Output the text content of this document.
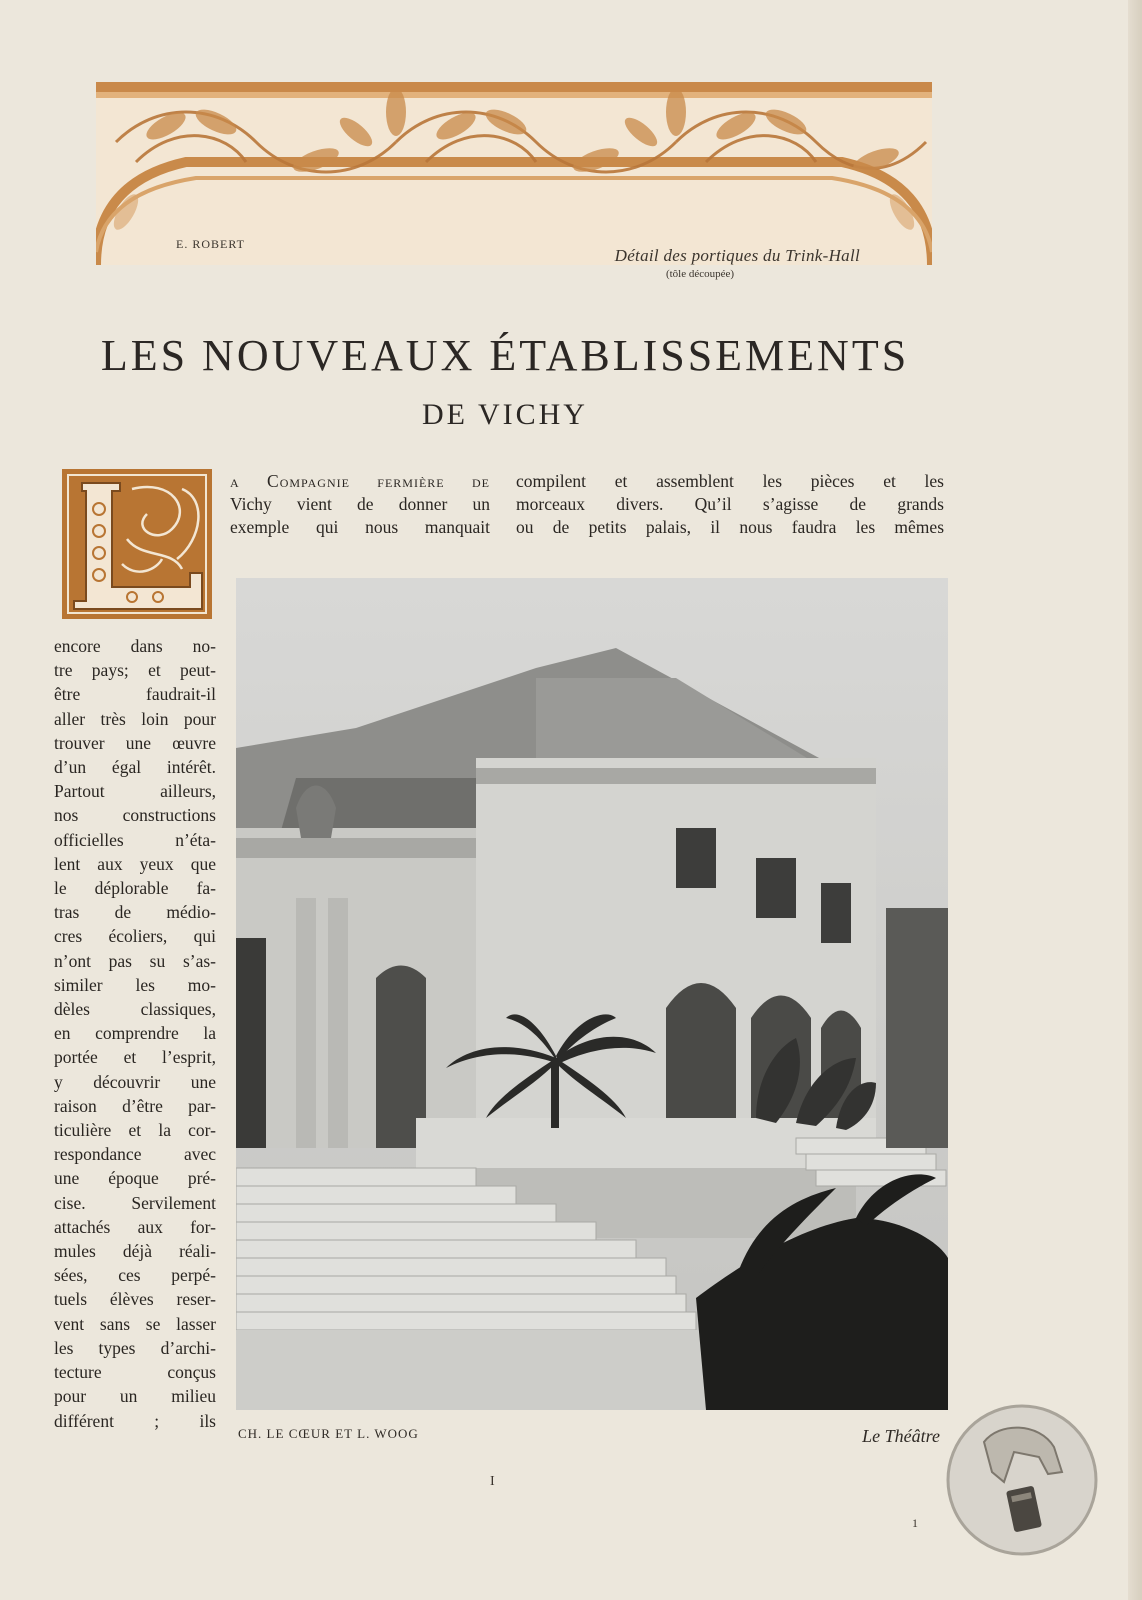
E. ROBERT
Détail des portiques du Trink-Hall
(tôle découpée)
LES NOUVEAUX ÉTABLISSEMENTS
DE VICHY
a Compagnie fermière de
Vichy vient de donner un
exemple qui nous manquait
compilent et assemblent les pièces et les
morceaux divers. Qu’il s’agisse de grands
ou de petits palais, il nous faudra les mêmes
encore dans no-
tre pays; et peut-
être faudrait-il
aller très loin pour
trouver une œuvre
d’un égal intérêt.
Partout ailleurs,
nos constructions
officielles n’éta-
lent aux yeux que
le déplorable fa-
tras de médio-
cres écoliers, qui
n’ont pas su s’as-
similer les mo-
dèles classiques,
en comprendre la
portée et l’esprit,
y découvrir une
raison d’être par-
ticulière et la cor-
respondance avec
une époque pré-
cise. Servilement
attachés aux for-
mules déjà réali-
sées, ces perpé-
tuels élèves reser-
vent sans se lasser
les types d’archi-
tecture conçus
pour un milieu
différent ; ils
CH. LE CŒUR ET L. WOOG	Le Théâtre
I
1
